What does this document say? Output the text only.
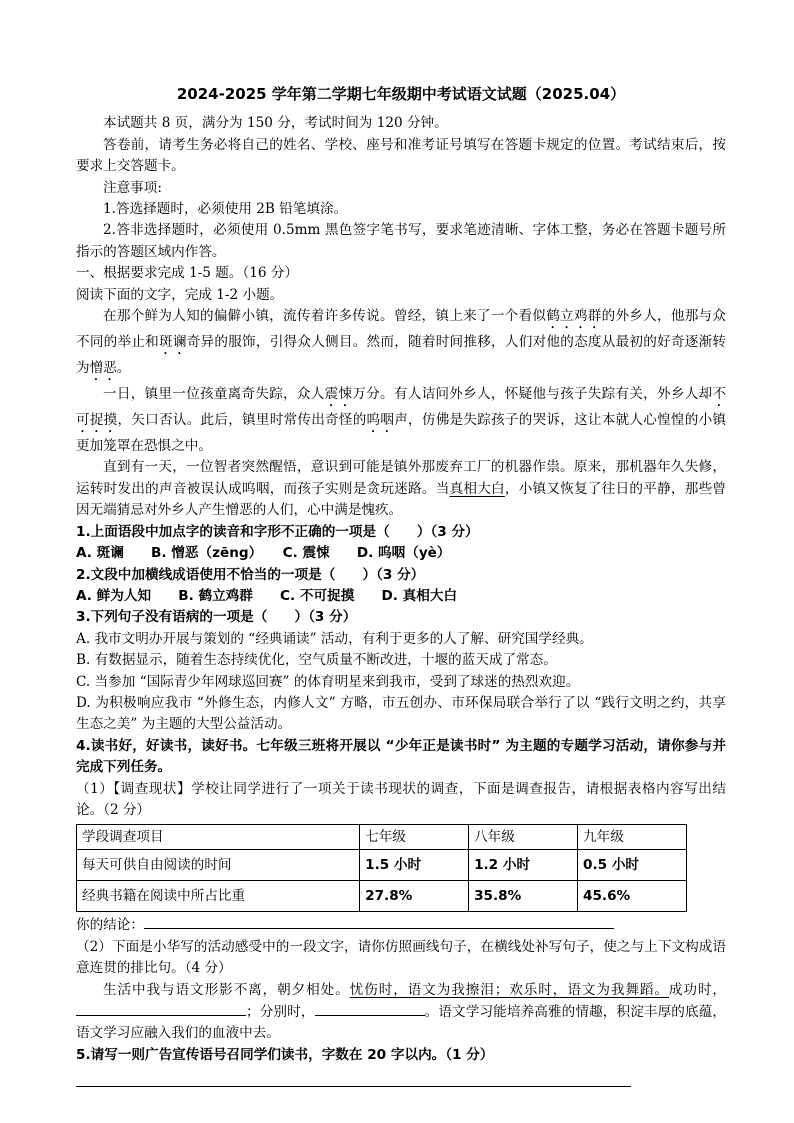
2024-2025 学年第二学期七年级期中考试语文试题（2025.04）

本试题共 8 页，满分为 150 分，考试时间为 120 分钟。

答卷前，请考生务必将自己的姓名、学校、座号和准考证号填写在答题卡规定的位置。考试结束后，按要求上交答题卡。

注意事项:

1.答选择题时，必须使用 2B 铅笔填涂。

2.答非选择题时，必须使用 0.5mm 黑色签字笔书写，要求笔迹清晰、字体工整，务必在答题卡题号所指示的答题区域内作答。

一、根据要求完成 1-5 题。（16 分）

阅读下面的文字，完成 1-2 小题。

在那个鲜为人知的偏僻小镇，流传着许多传说。曾经，镇上来了一个看似鹤立鸡群的外乡人，他那与众不同的举止和斑谰奇异的服饰，引得众人侧目。然而，随着时间推移，人们对他的态度从最初的好奇逐渐转为憎恶。

一日，镇里一位孩童离奇失踪，众人震悚万分。有人诘问外乡人，怀疑他与孩子失踪有关，外乡人却不可捉摸，矢口否认。此后，镇里时常传出奇怪的呜咽声，仿佛是失踪孩子的哭诉，这让本就人心惶惶的小镇更加笼罩在恐惧之中。

直到有一天，一位智者突然醒悟，意识到可能是镇外那废弃工厂的机器作祟。原来，那机器年久失修，运转时发出的声音被误认成呜咽，而孩子实则是贪玩迷路。当真相大白，小镇又恢复了往日的平静，那些曾因无端猜忌对外乡人产生憎恶的人们，心中满是愧疚。

1.上面语段中加点字的读音和字形不正确的一项是（　　）（3 分）

A. 斑谰　　B. 憎恶（zēng）　　C. 震悚　　D. 呜咽（yè）

2.文段中加横线成语使用不恰当的一项是（　　）（3 分）

A. 鲜为人知　　B. 鹤立鸡群　　C. 不可捉摸　　D. 真相大白

3.下列句子没有语病的一项是（　　）（3 分）

A. 我市文明办开展与策划的 “经典诵读” 活动，有利于更多的人了解、研究国学经典。

B. 有数据显示，随着生态持续优化，空气质量不断改进，十堰的蓝天成了常态。

C. 当参加 “国际青少年网球巡回赛” 的体育明星来到我市，受到了球迷的热烈欢迎。

D. 为积极响应我市 “外修生态，内修人文” 方略，市五创办、市环保局联合举行了以 “践行文明之约，共享生态之美” 为主题的大型公益活动。

4.读书好，好读书，读好书。七年级三班将开展以 “少年正是读书时” 为主题的专题学习活动，请你参与并完成下列任务。

（1）【调查现状】学校让同学进行了一项关于读书现状的调查，下面是调查报告，请根据表格内容写出结论。（2 分）

学段调查项目	七年级	八年级	九年级
每天可供自由阅读的时间	1.5 小时	1.2 小时	0.5 小时
经典书籍在阅读中所占比重	27.8%	35.8%	45.6%

你的结论：

（2）下面是小华写的活动感受中的一段文字，请你仿照画线句子，在横线处补写句子，使之与上下文构成语意连贯的排比句。（4 分）

生活中我与语文形影不离，朝夕相处。忧伤时，语文为我擦泪；欢乐时，语文为我舞蹈。成功时，；分别时，	。语文学习能培养高雅的情趣，积淀丰厚的底蕴，语文学习应融入我们的血液中去。

5.请写一则广告宣传语号召同学们读书，字数在 20 字以内。（1 分）
